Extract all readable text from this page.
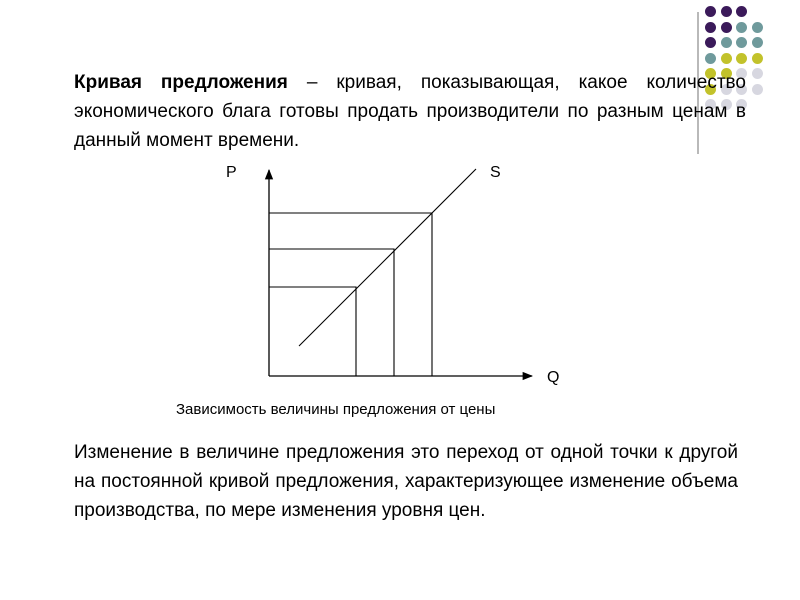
Кривая предложения – кривая, показывающая, какое количество экономического блага готовы продать производители по разным ценам в данный момент времени.

P	S
Q
Зависимость величины предложения от цены

Изменение в величине предложения это переход от одной точки к другой на постоянной кривой предложения, характеризующее изменение объема производства, по мере изменения уровня цен.
